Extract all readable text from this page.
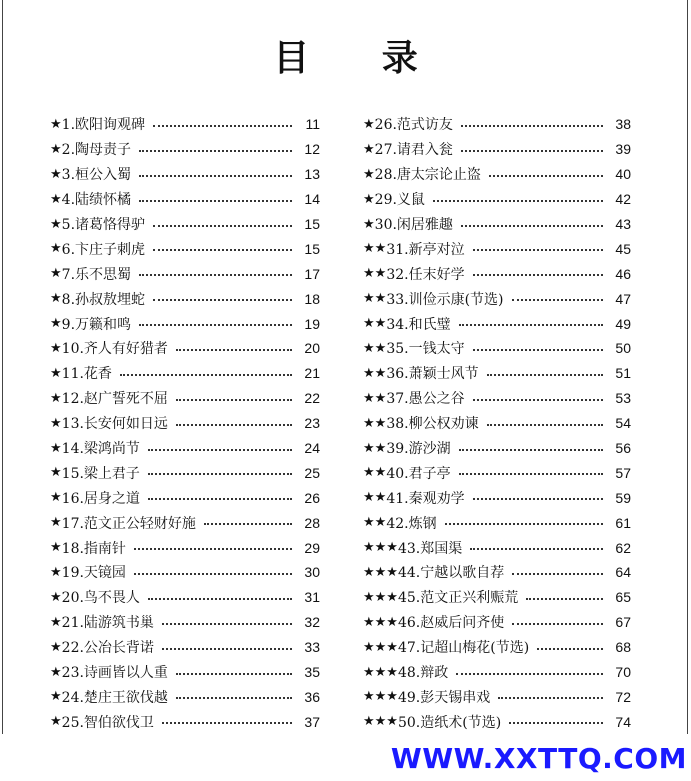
目 录
★ 1.欧阳询观碑	11
★ 2.陶母责子	12
★ 3.桓公入蜀	13
★ 4.陆绩怀橘	14
★ 5.诸葛恪得驴	15
★ 6.卞庄子刺虎	15
★ 7.乐不思蜀	17
★ 8.孙叔敖埋蛇	18
★ 9.万籁和鸣	19
★ 10.齐人有好猎者	20
★ 11.花香	21
★ 12.赵广誓死不屈	22
★ 13.长安何如日远	23
★ 14.梁鸿尚节	24
★ 15.梁上君子	25
★ 16.居身之道	26
★ 17.范文正公轻财好施	28
★ 18.指南针	29
★ 19.天镜园	30
★ 20.鸟不畏人	31
★ 21.陆游筑书巢	32
★ 22.公冶长背诺	33
★ 23.诗画皆以人重	35
★ 24.楚庄王欲伐越	36
★ 25.智伯欲伐卫	37
★ 26.范式访友	38
★ 27.请君入瓮	39
★ 28.唐太宗论止盗	40
★ 29.义鼠	42
★ 30.闲居雅趣	43
★★ 31.新亭对泣	45
★★ 32.任末好学	46
★★ 33.训俭示康(节选)	47
★★ 34.和氏璧	49
★★ 35.一钱太守	50
★★ 36.萧颖士风节	51
★★ 37.愚公之谷	53
★★ 38.柳公权劝谏	54
★★ 39.游沙湖	56
★★ 40.君子亭	57
★★ 41.秦观劝学	59
★★ 42.炼钢	61
★★★ 43.郑国渠	62
★★★ 44.宁越以歌自荐	64
★★★ 45.范文正兴利赈荒	65
★★★ 46.赵威后问齐使	67
★★★ 47.记超山梅花(节选)	68
★★★ 48.辩政	70
★★★ 49.彭天锡串戏	72
★★★ 50.造纸术(节选)	74
WWW.XXTTQ.COM
